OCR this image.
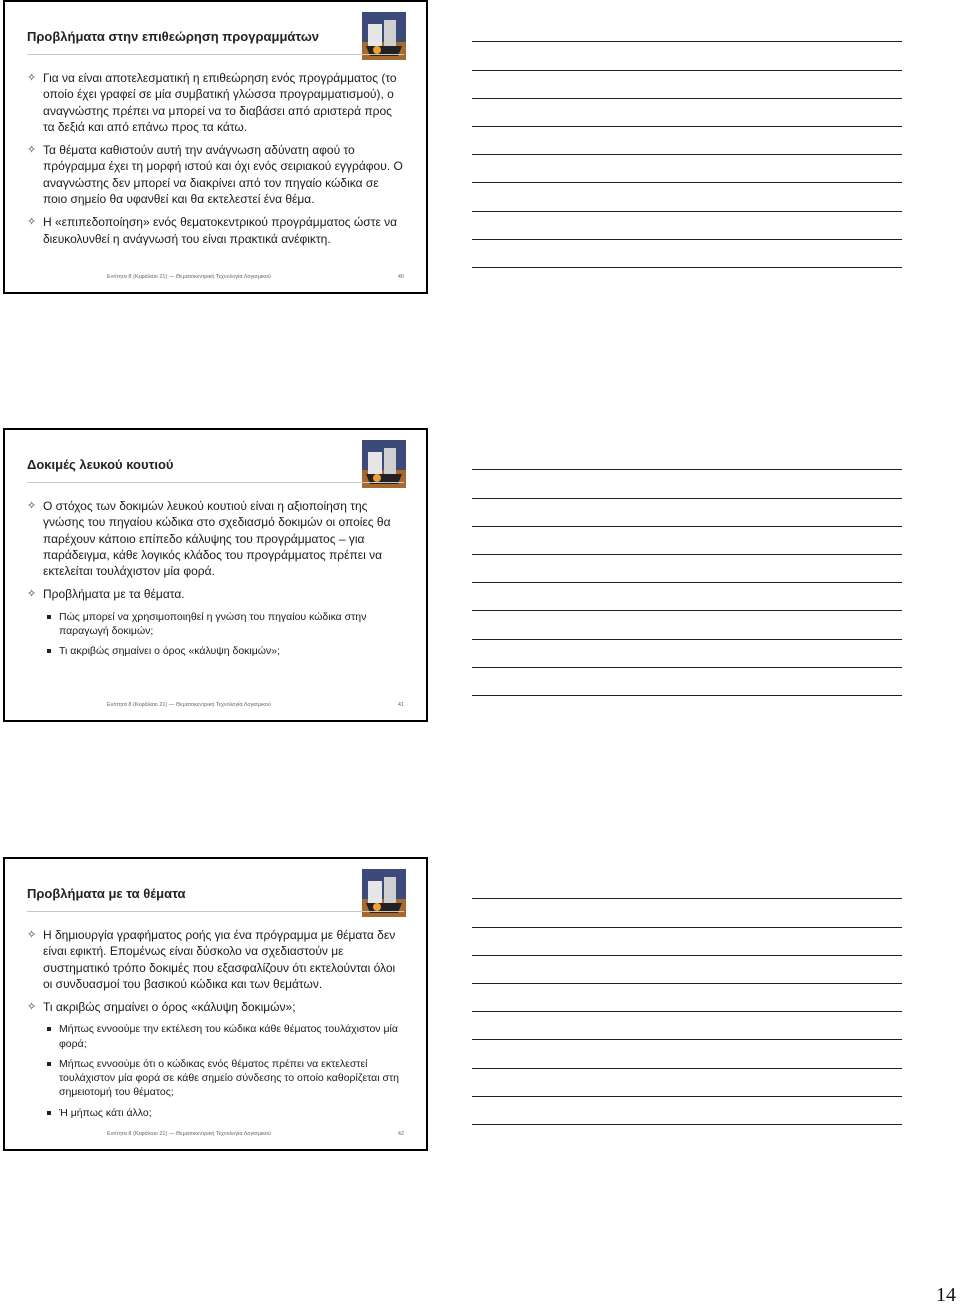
Προβλήματα στην επιθεώρηση προγραμμάτων
✧ Για να είναι αποτελεσματική η επιθεώρηση ενός προγράμματος (το οποίο έχει γραφεί σε μία συμβατική γλώσσα προγραμματισμού), ο αναγνώστης πρέπει να μπορεί να το διαβάσει από αριστερά προς τα δεξιά και από επάνω προς τα κάτω.
✧ Τα θέματα καθιστούν αυτή την ανάγνωση αδύνατη αφού το πρόγραμμα έχει τη μορφή ιστού και όχι ενός σειριακού εγγράφου. Ο αναγνώστης δεν μπορεί να διακρίνει από τον πηγαίο κώδικα σε ποιο σημείο θα υφανθεί και θα εκτελεστεί ένα θέμα.
✧ Η «επιπεδοποίηση» ενός θεματοκεντρικού προγράμματος ώστε να διευκολυνθεί η ανάγνωσή του είναι πρακτικά ανέφικτη.
Ενότητα 8 (Κεφάλαιο 21) — Θεματοκεντρική Τεχνολογία Λογισμικού	40
Δοκιμές λευκού κουτιού
✧ Ο στόχος των δοκιμών λευκού κουτιού είναι η αξιοποίηση της γνώσης του πηγαίου κώδικα στο σχεδιασμό δοκιμών οι οποίες θα παρέχουν κάποιο επίπεδο κάλυψης του προγράμματος – για παράδειγμα, κάθε λογικός κλάδος του προγράμματος πρέπει να εκτελείται τουλάχιστον μία φορά.
✧ Προβλήματα με τα θέματα.
Πώς μπορεί να χρησιμοποιηθεί η γνώση του πηγαίου κώδικα στην παραγωγή δοκιμών;
Τι ακριβώς σημαίνει ο όρος «κάλυψη δοκιμών»;
Ενότητα 8 (Κεφάλαιο 21) — Θεματοκεντρική Τεχνολογία Λογισμικού	41
Προβλήματα με τα θέματα
✧ Η δημιουργία γραφήματος ροής για ένα πρόγραμμα με θέματα δεν είναι εφικτή. Επομένως είναι δύσκολο να σχεδιαστούν με συστηματικό τρόπο δοκιμές που εξασφαλίζουν ότι εκτελούνται όλοι οι συνδυασμοί του βασικού κώδικα και των θεμάτων.
✧ Τι ακριβώς σημαίνει ο όρος «κάλυψη δοκιμών»;
Μήπως εννοούμε την εκτέλεση του κώδικα κάθε θέματος τουλάχιστον μία φορά;
Μήπως εννοούμε ότι ο κώδικας ενός θέματος πρέπει να εκτελεστεί τουλάχιστον μία φορά σε κάθε σημείο σύνδεσης το οποίο καθορίζεται στη σημειοτομή του θέματος;
Ή μήπως κάτι άλλο;
Ενότητα 8 (Κεφάλαιο 21) — Θεματοκεντρική Τεχνολογία Λογισμικού	42
14
